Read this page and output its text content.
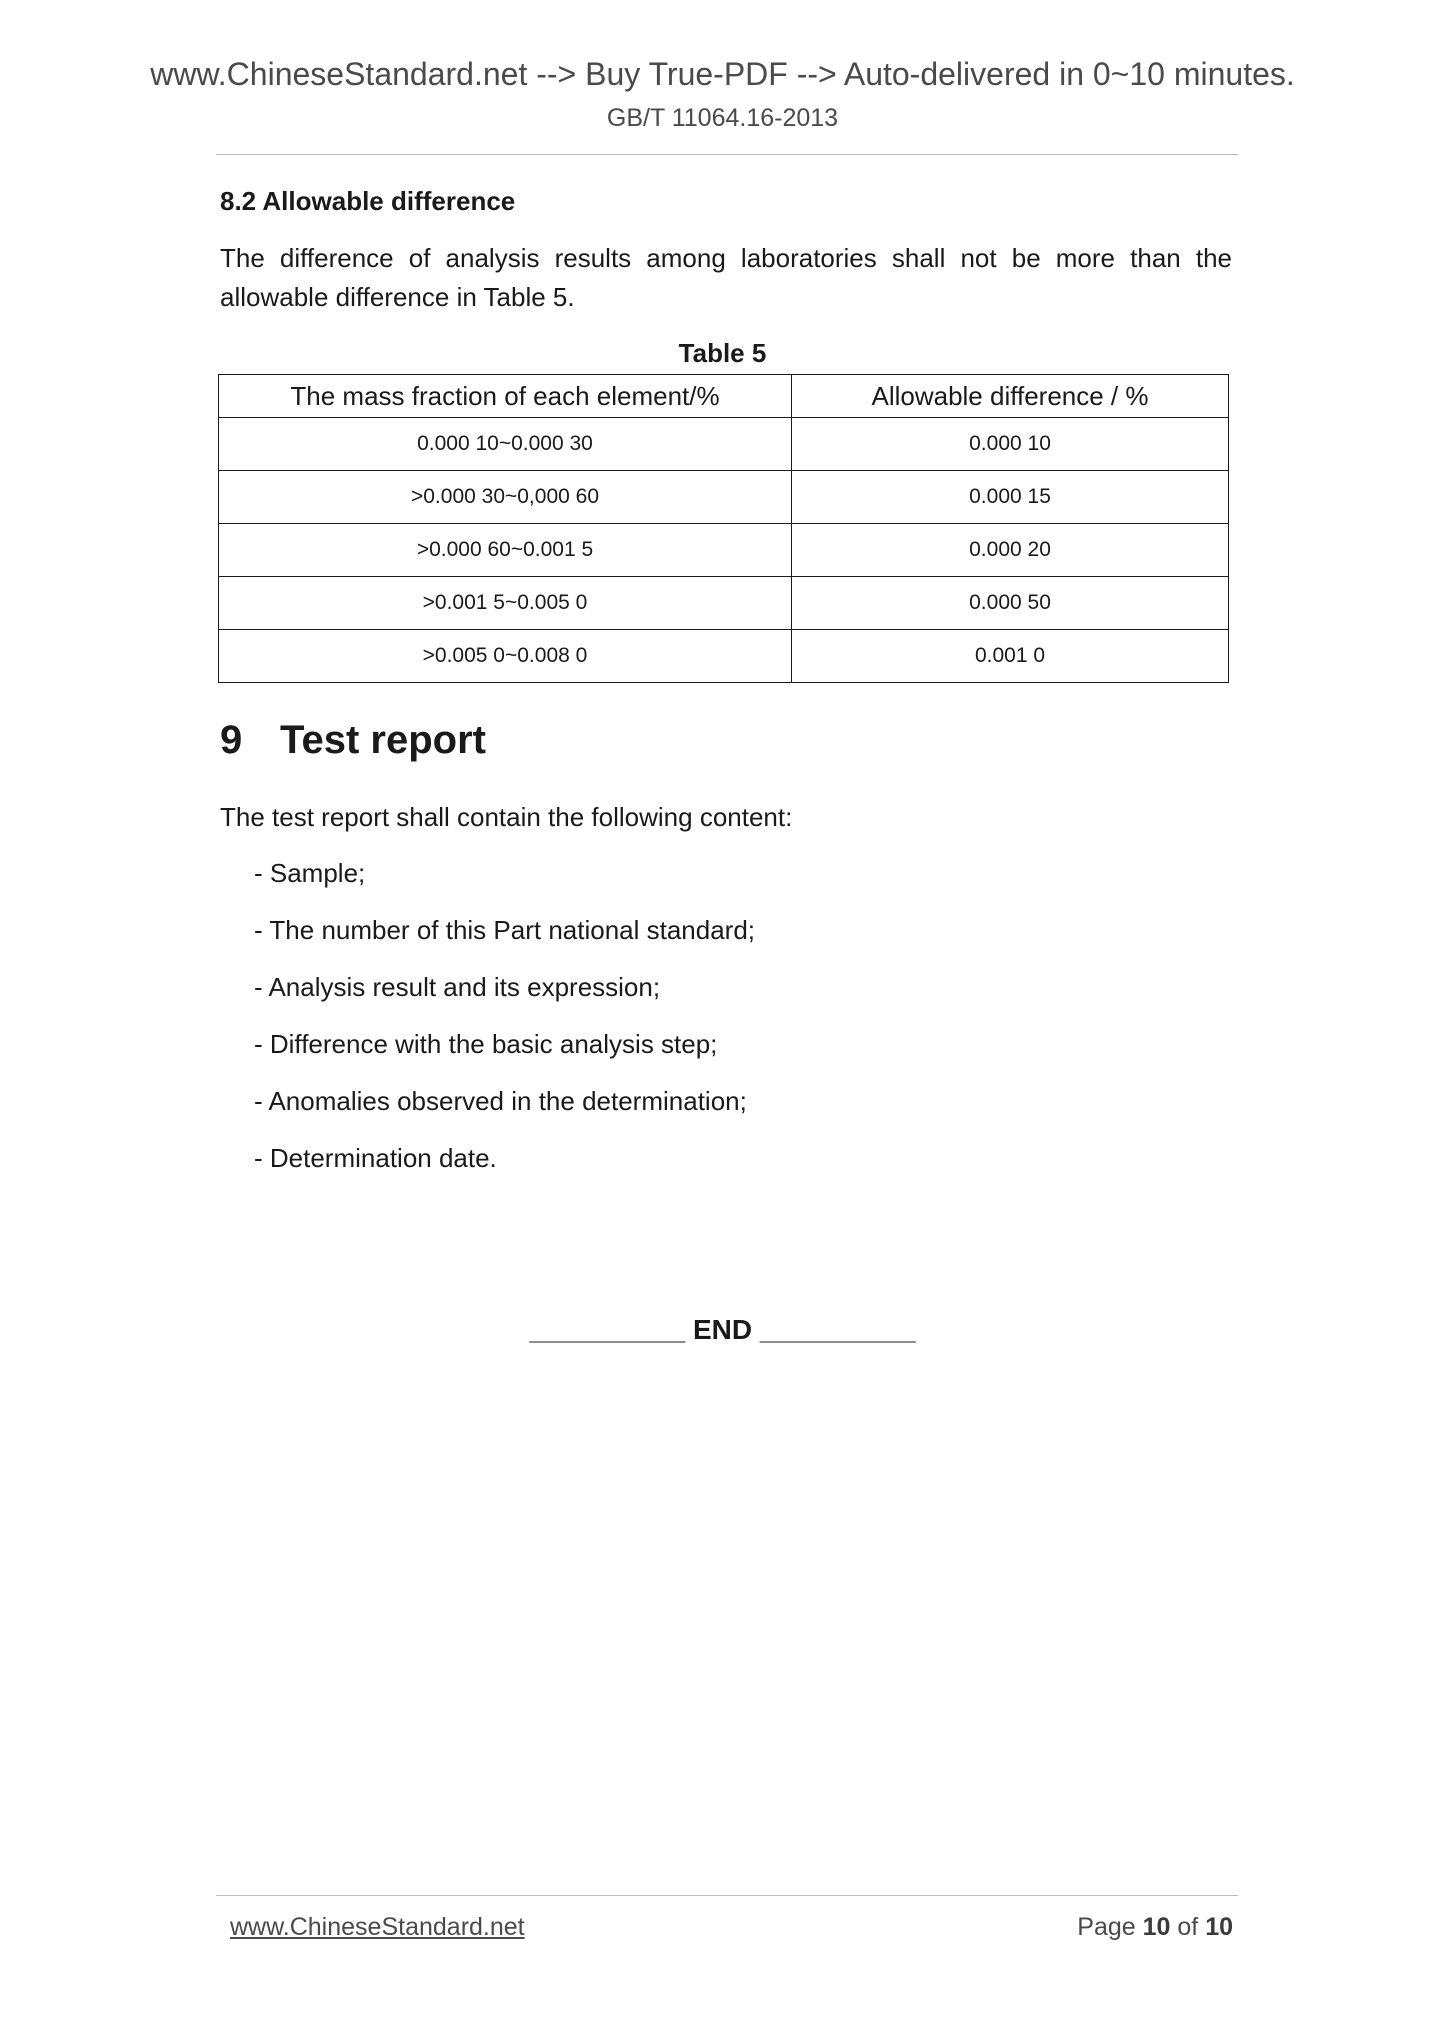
www.ChineseStandard.net --> Buy True-PDF --> Auto-delivered in 0~10 minutes.
GB/T 11064.16-2013
8.2 Allowable difference
The difference of analysis results among laboratories shall not be more than the allowable difference in Table 5.
Table 5
The mass fraction of each element/%	Allowable difference / %
0.000 10~0.000 30	0.000 10
>0.000 30~0,000 60	0.000 15
>0.000 60~0.001 5	0.000 20
>0.001 5~0.005 0	0.000 50
>0.005 0~0.008 0	0.001 0
9 Test report
The test report shall contain the following content:
- Sample;
- The number of this Part national standard;
- Analysis result and its expression;
- Difference with the basic analysis step;
- Anomalies observed in the determination;
- Determination date.
__________ END __________
www.ChineseStandard.net	Page 10 of 10
